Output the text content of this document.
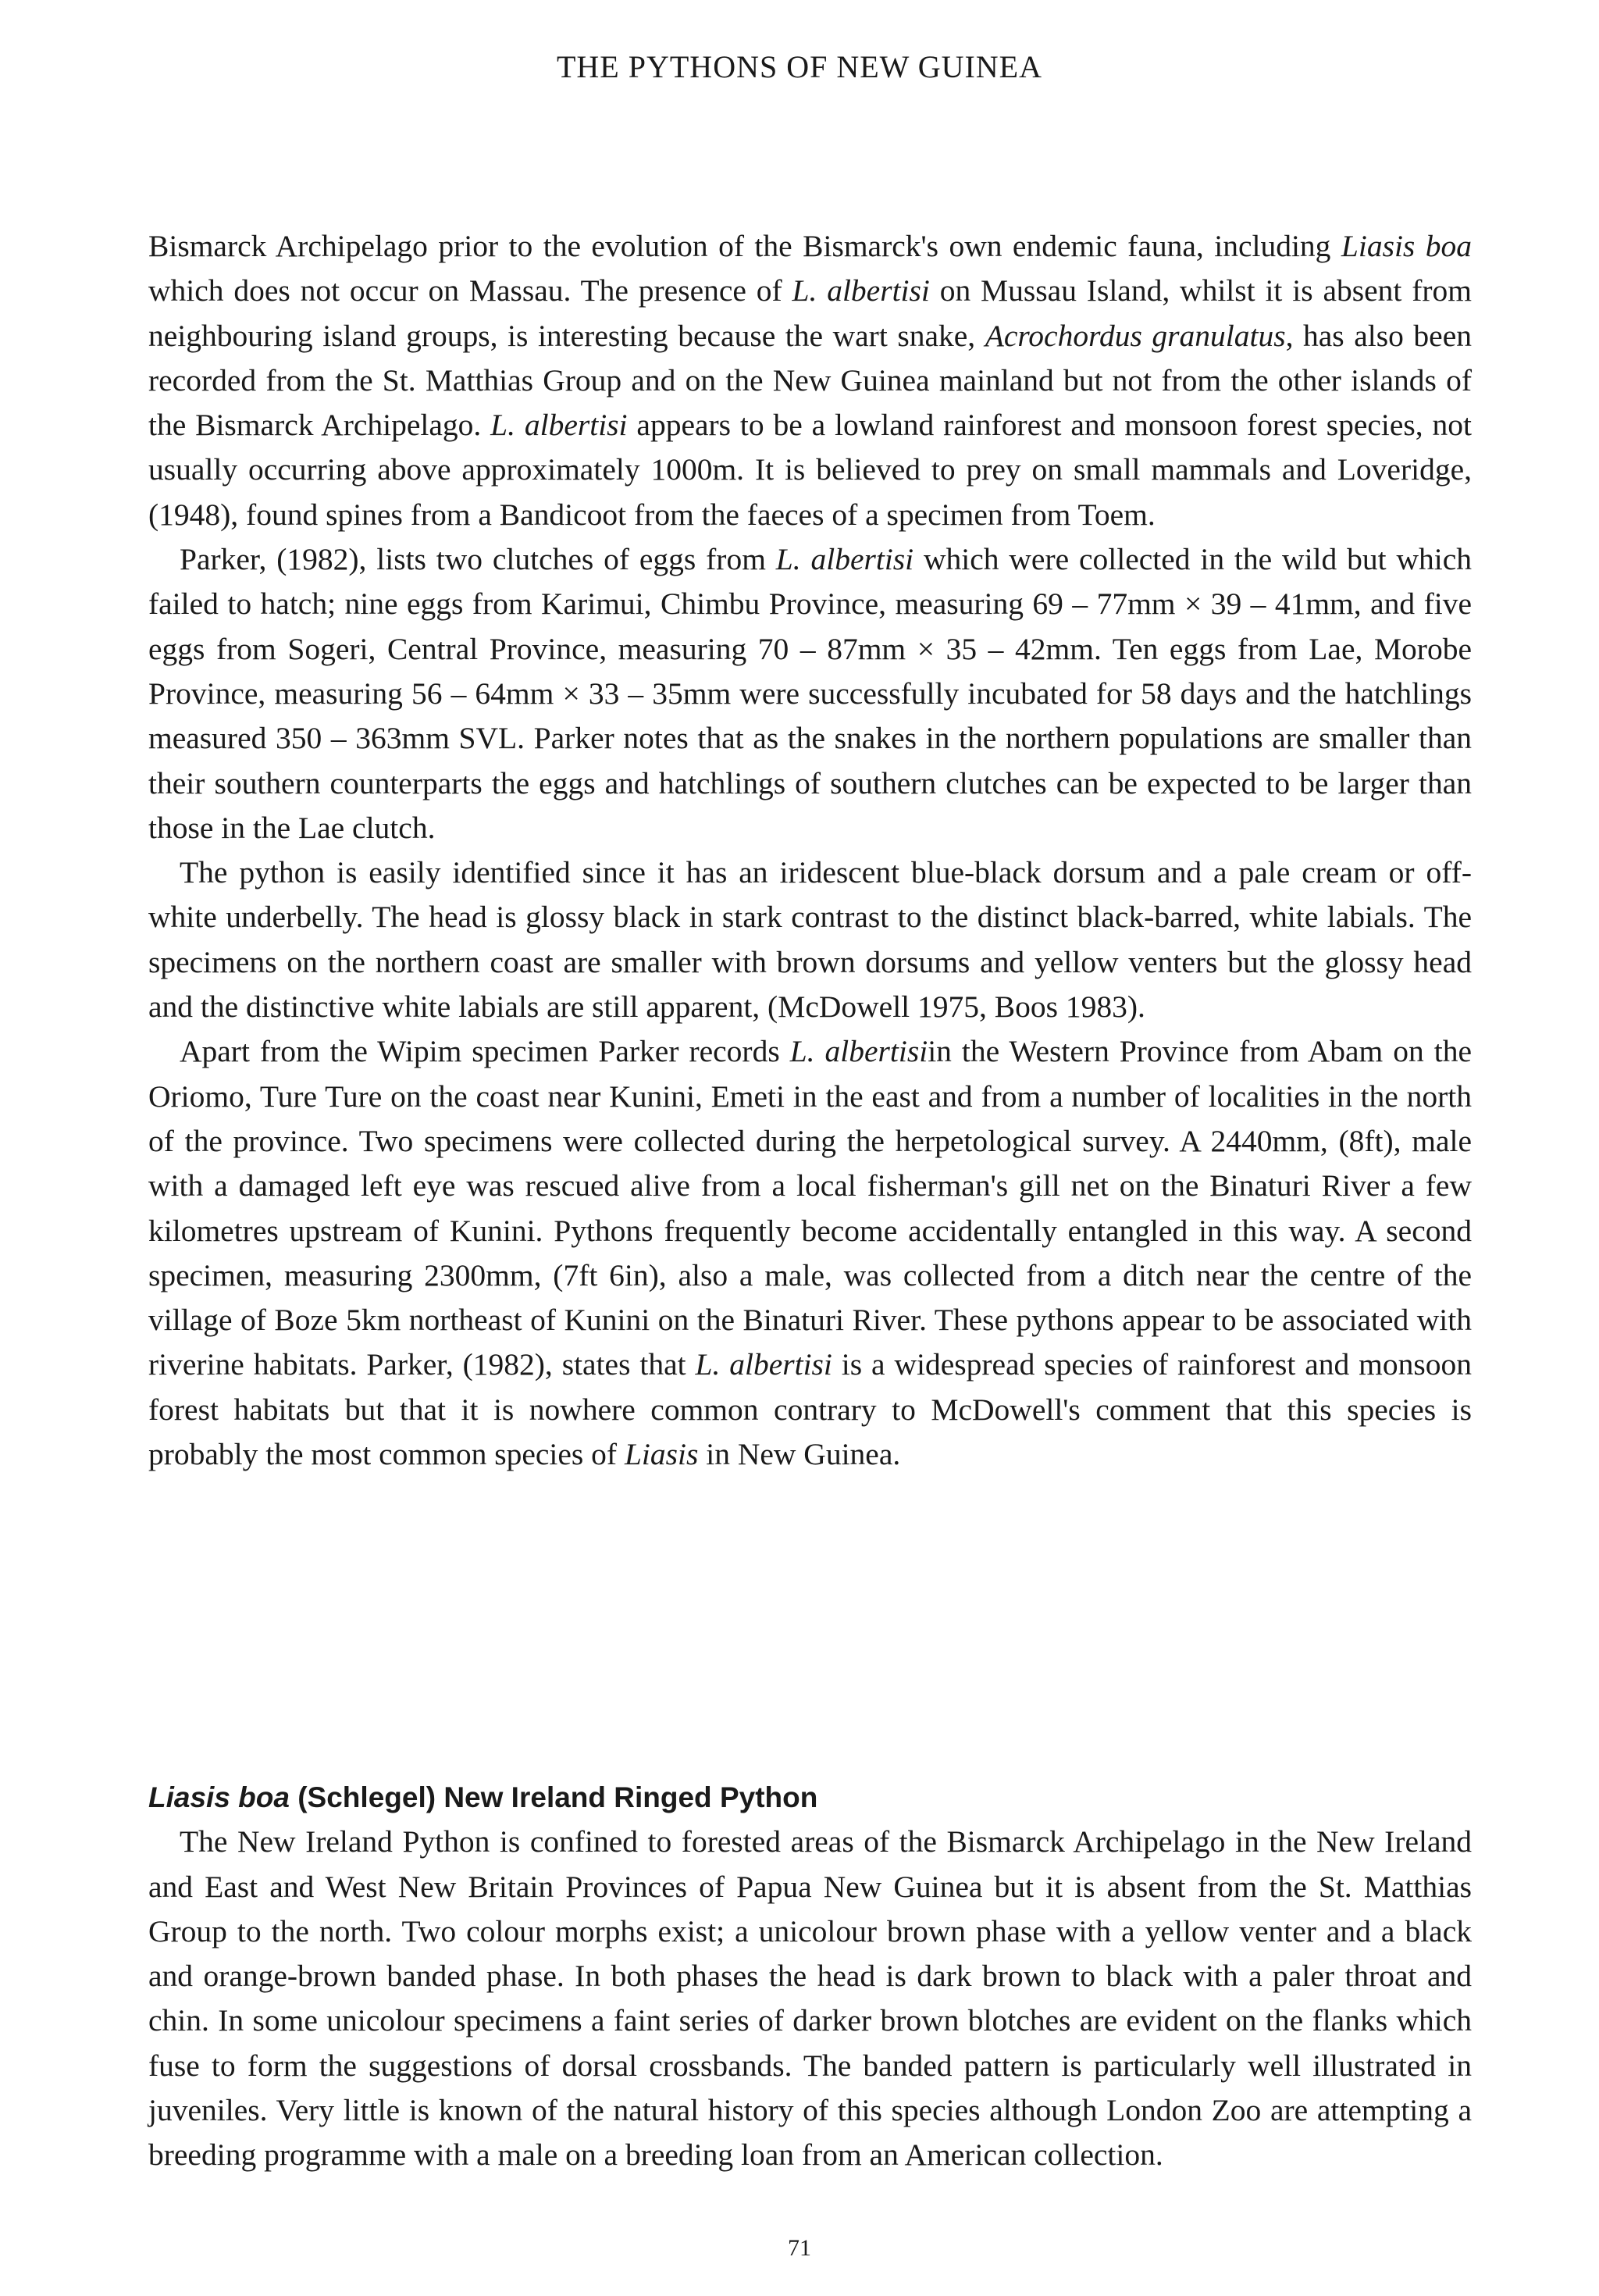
THE PYTHONS OF NEW GUINEA

Bismarck Archipelago prior to the evolution of the Bismarck's own endemic fauna, including Liasis boa which does not occur on Massau. The presence of L. albertisi on Mussau Island, whilst it is absent from neighbouring island groups, is interesting because the wart snake, Acrochordus granulatus, has also been recorded from the St. Matthias Group and on the New Guinea mainland but not from the other islands of the Bismarck Archipelago. L. albertisi appears to be a lowland rainforest and monsoon forest species, not usually occurring above approximately 1000m. It is believed to prey on small mammals and Loveridge, (1948), found spines from a Bandicoot from the faeces of a specimen from Toem.

Parker, (1982), lists two clutches of eggs from L. albertisi which were collected in the wild but which failed to hatch; nine eggs from Karimui, Chimbu Province, measuring 69 – 77mm × 39 – 41mm, and five eggs from Sogeri, Central Province, measuring 70 – 87mm × 35 – 42mm. Ten eggs from Lae, Morobe Province, measuring 56 – 64mm × 33 – 35mm were successfully incubated for 58 days and the hatchlings measured 350 – 363mm SVL. Parker notes that as the snakes in the northern populations are smaller than their southern counterparts the eggs and hatchlings of southern clutches can be expected to be larger than those in the Lae clutch.

The python is easily identified since it has an iridescent blue-black dorsum and a pale cream or off-white underbelly. The head is glossy black in stark contrast to the distinct black-barred, white labials. The specimens on the northern coast are smaller with brown dorsums and yellow venters but the glossy head and the distinctive white labials are still apparent, (McDowell 1975, Boos 1983).

Apart from the Wipim specimen Parker records L. albertisiin the Western Province from Abam on the Oriomo, Ture Ture on the coast near Kunini, Emeti in the east and from a number of localities in the north of the province. Two specimens were collected during the herpetological survey. A 2440mm, (8ft), male with a damaged left eye was rescued alive from a local fisherman's gill net on the Binaturi River a few kilometres upstream of Kunini. Pythons frequently become accidentally entangled in this way. A second specimen, measuring 2300mm, (7ft 6in), also a male, was collected from a ditch near the centre of the village of Boze 5km northeast of Kunini on the Binaturi River. These pythons appear to be associated with riverine habitats. Parker, (1982), states that L. albertisi is a widespread species of rainforest and monsoon forest habitats but that it is nowhere common contrary to McDowell's comment that this species is probably the most common species of Liasis in New Guinea.

Liasis boa (Schlegel) New Ireland Ringed Python

The New Ireland Python is confined to forested areas of the Bismarck Archipelago in the New Ireland and East and West New Britain Provinces of Papua New Guinea but it is absent from the St. Matthias Group to the north. Two colour morphs exist; a unicolour brown phase with a yellow venter and a black and orange-brown banded phase. In both phases the head is dark brown to black with a paler throat and chin. In some unicolour specimens a faint series of darker brown blotches are evident on the flanks which fuse to form the suggestions of dorsal crossbands. The banded pattern is particularly well illustrated in juveniles. Very little is known of the natural history of this species although London Zoo are attempting a breeding programme with a male on a breeding loan from an American collection.

71
